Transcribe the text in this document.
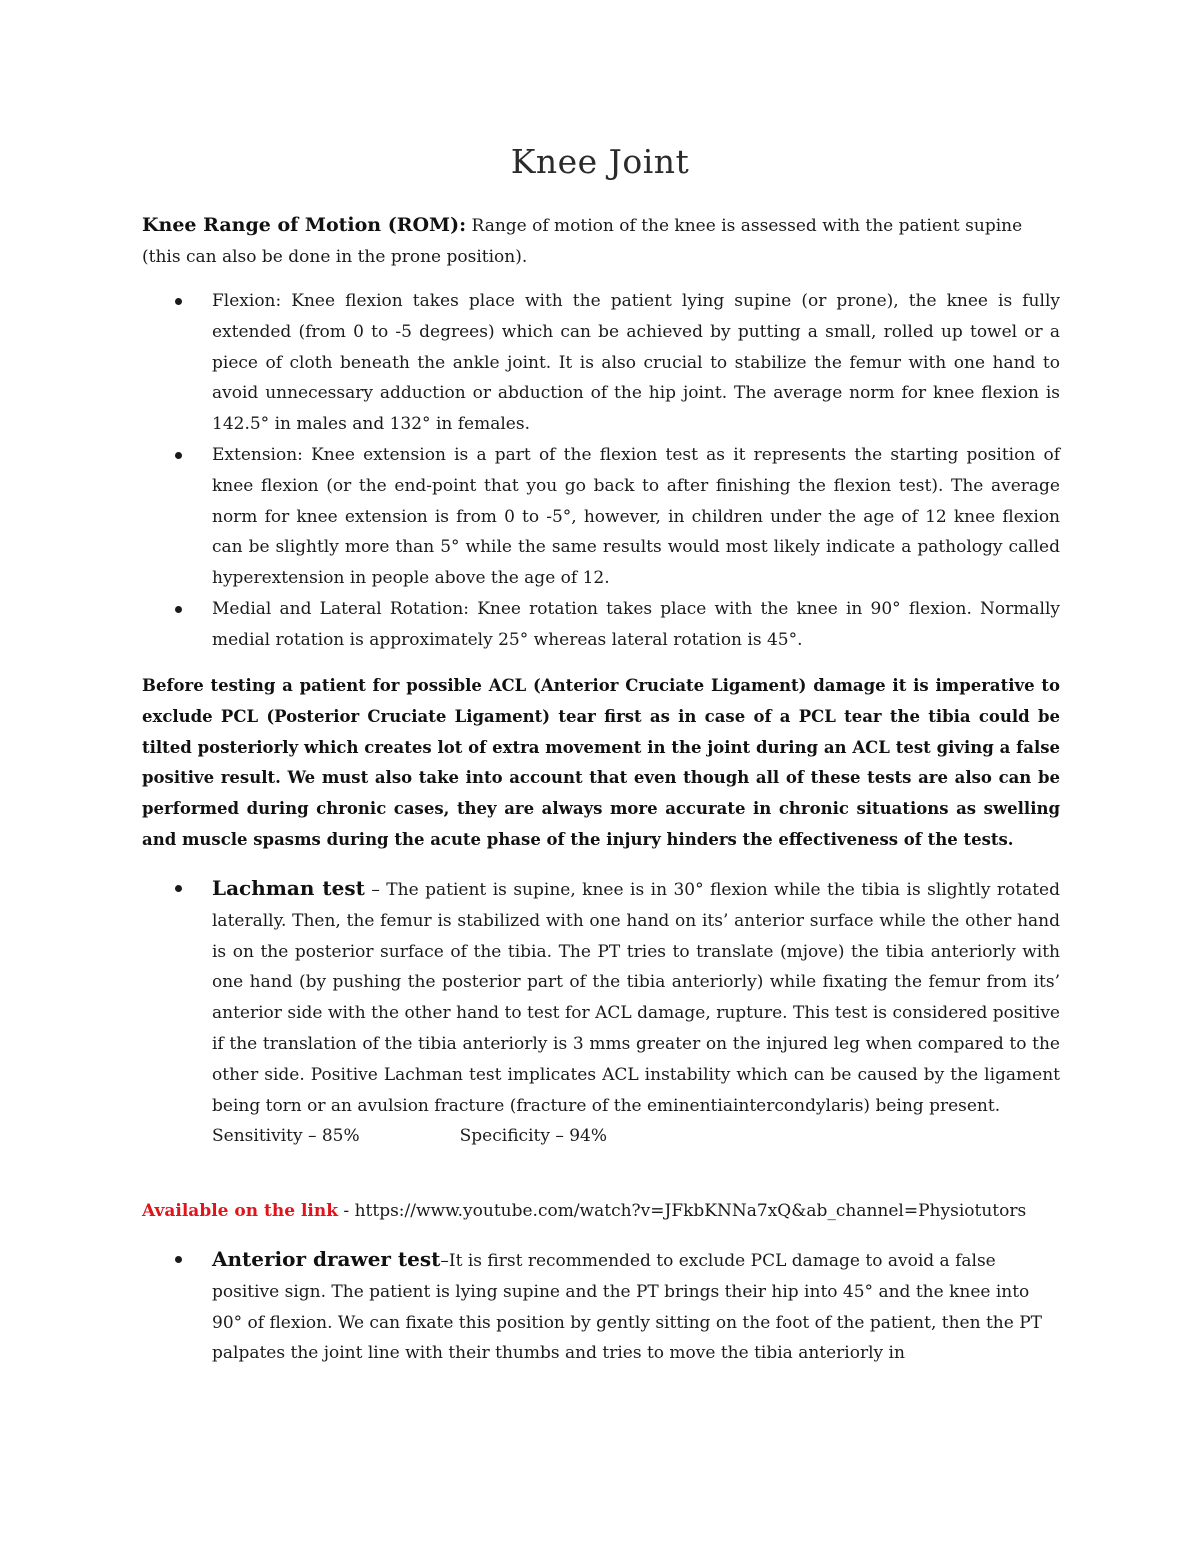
Knee Joint

Knee Range of Motion (ROM): Range of motion of the knee is assessed with the patient supine (this can also be done in the prone position).

Flexion: Knee flexion takes place with the patient lying supine (or prone), the knee is fully extended (from 0 to -5 degrees) which can be achieved by putting a small, rolled up towel or a piece of cloth beneath the ankle joint. It is also crucial to stabilize the femur with one hand to avoid unnecessary adduction or abduction of the hip joint. The average norm for knee flexion is 142.5° in males and 132° in females.
Extension: Knee extension is a part of the flexion test as it represents the starting position of knee flexion (or the end-point that you go back to after finishing the flexion test). The average norm for knee extension is from 0 to -5°, however, in children under the age of 12 knee flexion can be slightly more than 5° while the same results would most likely indicate a pathology called hyperextension in people above the age of 12.
Medial and Lateral Rotation: Knee rotation takes place with the knee in 90° flexion. Normally medial rotation is approximately 25° whereas lateral rotation is 45°.

Before testing a patient for possible ACL (Anterior Cruciate Ligament) damage it is imperative to exclude PCL (Posterior Cruciate Ligament) tear first as in case of a PCL tear the tibia could be tilted posteriorly which creates lot of extra movement in the joint during an ACL test giving a false positive result. We must also take into account that even though all of these tests are also can be performed during chronic cases, they are always more accurate in chronic situations as swelling and muscle spasms during the acute phase of the injury hinders the effectiveness of the tests.

Lachman test – The patient is supine, knee is in 30° flexion while the tibia is slightly rotated laterally. Then, the femur is stabilized with one hand on its’ anterior surface while the other hand is on the posterior surface of the tibia. The PT tries to translate (mjove) the tibia anteriorly with one hand (by pushing the posterior part of the tibia anteriorly) while fixating the femur from its’ anterior side with the other hand to test for ACL damage, rupture. This test is considered positive if the translation of the tibia anteriorly is 3 mms greater on the injured leg when compared to the other side. Positive Lachman test implicates ACL instability which can be caused by the ligament being torn or an avulsion fracture (fracture of the eminentiaintercondylaris) being present.
Sensitivity – 85%	Specificity – 94%

Available on the link - https://www.youtube.com/watch?v=JFkbKNNa7xQ&ab_channel=Physiotutors

Anterior drawer test–It is first recommended to exclude PCL damage to avoid a false positive sign. The patient is lying supine and the PT brings their hip into 45° and the knee into 90° of flexion. We can fixate this position by gently sitting on the foot of the patient, then the PT palpates the joint line with their thumbs and tries to move the tibia anteriorly in
